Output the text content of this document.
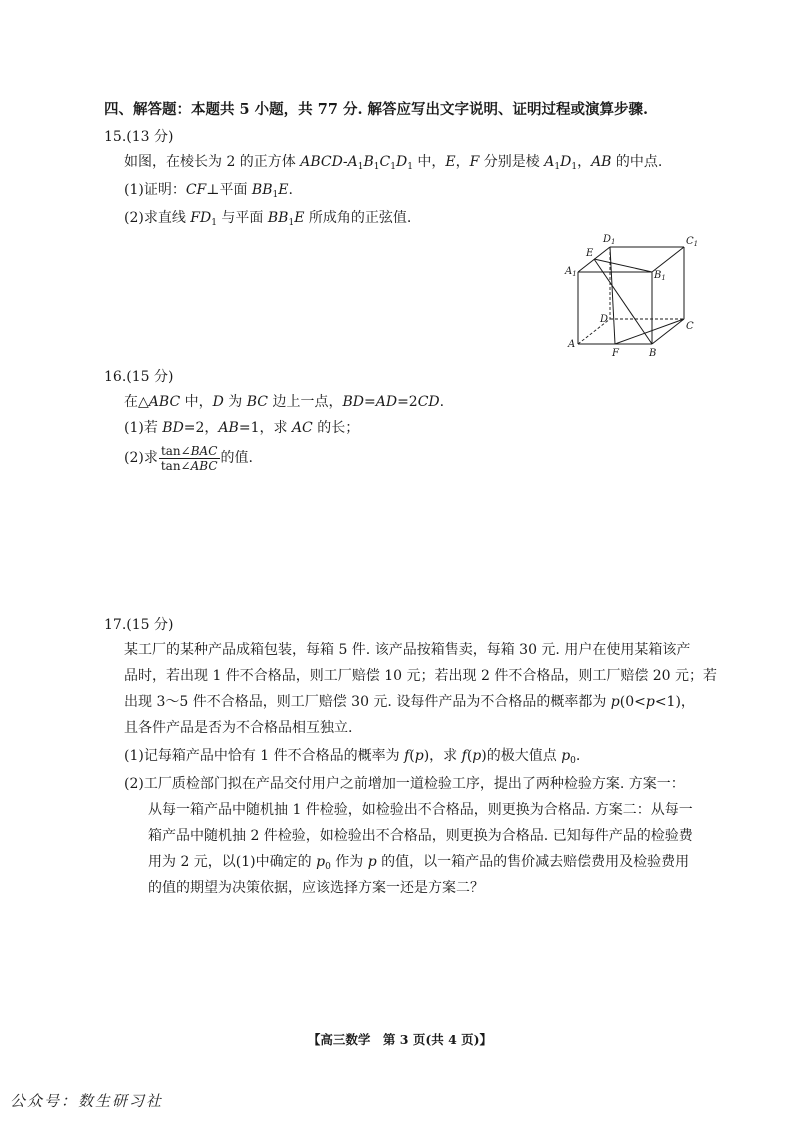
四、解答题：本题共 5 小题，共 77 分. 解答应写出文字说明、证明过程或演算步骤.
15.(13 分)
如图，在棱长为 2 的正方体 ABCD-$A_1B_1C_1D_1$ 中，E，F 分别是棱 $A_1D_1$，AB 的中点.
(1)证明：CF⊥平面 $BB_1E$.
(2)求直线 $FD_1$ 与平面 $BB_1E$ 所成角的正弦值.
$D_1$	$C_1$
E
$A_1$	$B_1$
D
C
A
F	B
16.(15 分)
在△ABC 中，D 为 BC 边上一点，BD=AD=2CD.
(1)若 BD=2，AB=1，求 AC 的长；
(2)求 $\frac{\text{tan∠BAC}}{\text{tan∠ABC}}$ 的值.
17.(15 分)
某工厂的某种产品成箱包装，每箱 5 件. 该产品按箱售卖，每箱 30 元. 用户在使用某箱该产
品时，若出现 1 件不合格品，则工厂赔偿 10 元；若出现 2 件不合格品，则工厂赔偿 20 元；若
出现 3～5 件不合格品，则工厂赔偿 30 元. 设每件产品为不合格品的概率都为 p(0<p<1)，
且各件产品是否为不合格品相互独立.
(1)记每箱产品中恰有 1 件不合格品的概率为 f(p)，求 f(p)的极大值点 $p_0$.
(2)工厂质检部门拟在产品交付用户之前增加一道检验工序，提出了两种检验方案. 方案一：
从每一箱产品中随机抽 1 件检验，如检验出不合格品，则更换为合格品. 方案二：从每一
箱产品中随机抽 2 件检验，如检验出不合格品，则更换为合格品. 已知每件产品的检验费
用为 2 元，以(1)中确定的 $p_0$ 作为 p 的值，以一箱产品的售价减去赔偿费用及检验费用
的值的期望为决策依据，应该选择方案一还是方案二？
【高三数学　第 3 页(共 4 页)】
公众号：数生研习社
